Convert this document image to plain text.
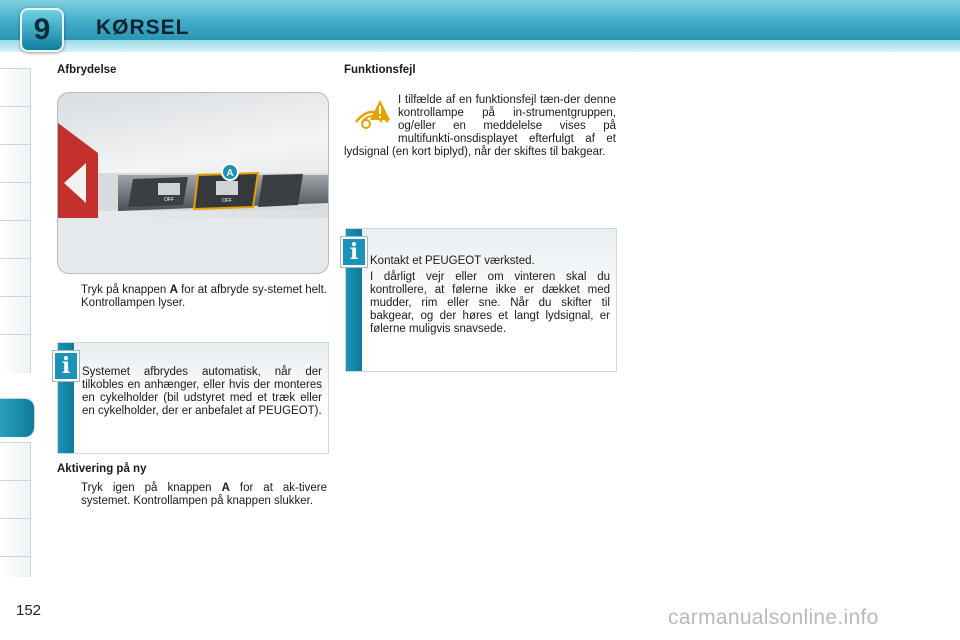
9	KØRSEL
Afbrydelse
A
OFF	OFF
Tryk på knappen A for at afbryde sy-stemet helt. Kontrollampen lyser.
i	Systemet afbrydes automatisk, når der tilkobles en anhænger, eller hvis der monteres en cykelholder (bil udstyret med et træk eller en cykelholder, der er anbefalet af PEUGEOT).
Aktivering på ny
Tryk igen på knappen A for at ak-tivere systemet. Kontrollampen på knappen slukker.
Funktionsfejl
I tilfælde af en funktionsfejl tæn-der denne kontrollampe på in-strumentgruppen, og/eller en meddelelse vises på multifunkti-onsdisplayet efterfulgt af et lydsignal (en kort biplyd), når der skiftes til bakgear.
i	Kontakt et PEUGEOT værksted.
I dårligt vejr eller om vinteren skal du kontrollere, at følerne ikke er dækket med mudder, rim eller sne. Når du skifter til bakgear, og der høres et langt lydsignal, er følerne muligvis snavsede.
152	carmanualsonline.info
